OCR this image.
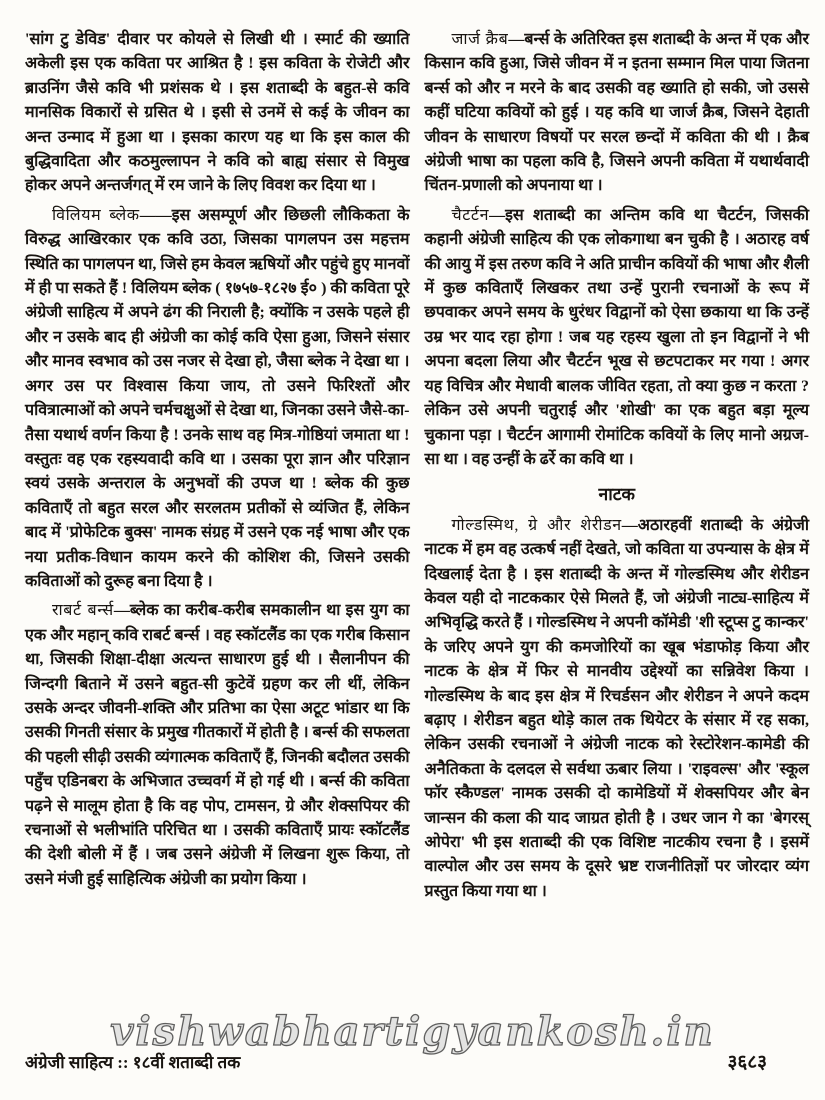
'सांग टु डेविड' दीवार पर कोयले से लिखी थी । स्मार्ट की ख्याति अकेली इस एक कविता पर आश्रित है ! इस कविता के रोजेटी और ब्राउनिंग जैसे कवि भी प्रशंसक थे । इस शताब्दी के बहुत-से कवि मानसिक विकारों से ग्रसित थे । इसी से उनमें से कई के जीवन का अन्त उन्माद में हुआ था । इसका कारण यह था कि इस काल की बुद्धिवादिता और कठमुल्लापन ने कवि को बाह्य संसार से विमुख होकर अपने अन्तर्जगत् में रम जाने के लिए विवश कर दिया था ।

विलियम ब्लेक——इस असम्पूर्ण और छिछली लौकिकता के विरुद्ध आखिरकार एक कवि उठा, जिसका पागलपन उस महत्तम स्थिति का पागलपन था, जिसे हम केवल ऋषियों और पहुंचे हुए मानवों में ही पा सकते हैं ! विलियम ब्लेक ( १७५७-१८२७ ई० ) की कविता पूरे अंग्रेजी साहित्य में अपने ढंग की निराली है; क्योंकि न उसके पहले ही और न उसके बाद ही अंग्रेजी का कोई कवि ऐसा हुआ, जिसने संसार और मानव स्वभाव को उस नजर से देखा हो, जैसा ब्लेक ने देखा था । अगर उस पर विश्वास किया जाय, तो उसने फिरिश्तों और पवित्रात्माओं को अपने चर्मचक्षुओं से देखा था, जिनका उसने जैसे-का-तैसा यथार्थ वर्णन किया है ! उनके साथ वह मित्र-गोष्ठियां जमाता था ! वस्तुतः वह एक रहस्यवादी कवि था । उसका पूरा ज्ञान और परिज्ञान स्वयं उसके अन्तराल के अनुभवों की उपज था ! ब्लेक की कुछ कविताएँ तो बहुत सरल और सरलतम प्रतीकों से व्यंजित हैं, लेकिन बाद में 'प्रोफेटिक बुक्स' नामक संग्रह में उसने एक नई भाषा और एक नया प्रतीक-विधान कायम करने की कोशिश की, जिसने उसकी कविताओं को दुरूह बना दिया है ।

राबर्ट बर्न्स—ब्लेक का करीब-करीब समकालीन था इस युग का एक और महान् कवि राबर्ट बर्न्स । वह स्कॉटलैंड का एक गरीब किसान था, जिसकी शिक्षा-दीक्षा अत्यन्त साधारण हुई थी । सैलानीपन की जिन्दगी बिताने में उसने बहुत-सी कुटेवें ग्रहण कर ली थीं, लेकिन उसके अन्दर जीवनी-शक्ति और प्रतिभा का ऐसा अटूट भांडार था कि उसकी गिनती संसार के प्रमुख गीतकारों में होती है । बर्न्स की सफलता की पहली सीढ़ी उसकी व्यंगात्मक कविताएँ हैं, जिनकी बदौलत उसकी पहुँच एडिनबरा के अभिजात उच्चवर्ग में हो गई थी । बर्न्स की कविता पढ़ने से मालूम होता है कि वह पोप, टामसन, ग्रे और शेक्सपियर की रचनाओं से भलीभांति परिचित था । उसकी कविताएँ प्रायः स्कॉटलैंड की देशी बोली में हैं । जब उसने अंग्रेजी में लिखना शुरू किया, तो उसने मंजी हुई साहित्यिक अंग्रेजी का प्रयोग किया ।

जार्ज क्रैब—बर्न्स के अतिरिक्त इस शताब्दी के अन्त में एक और किसान कवि हुआ, जिसे जीवन में न इतना सम्मान मिल पाया जितना बर्न्स को और न मरने के बाद उसकी वह ख्याति हो सकी, जो उससे कहीं घटिया कवियों को हुई । यह कवि था जार्ज क्रैब, जिसने देहाती जीवन के साधारण विषयों पर सरल छन्दों में कविता की थी । क्रैब अंग्रेजी भाषा का पहला कवि है, जिसने अपनी कविता में यथार्थवादी चिंतन-प्रणाली को अपनाया था ।

चैटर्टन—इस शताब्दी का अन्तिम कवि था चैटर्टन, जिसकी कहानी अंग्रेजी साहित्य की एक लोकगाथा बन चुकी है । अठारह वर्ष की आयु में इस तरुण कवि ने अति प्राचीन कवियों की भाषा और शैली में कुछ कविताएँ लिखकर तथा उन्हें पुरानी रचनाओं के रूप में छपवाकर अपने समय के धुरंधर विद्वानों को ऐसा छकाया था कि उन्हें उम्र भर याद रहा होगा ! जब यह रहस्य खुला तो इन विद्वानों ने भी अपना बदला लिया और चैटर्टन भूख से छटपटाकर मर गया ! अगर यह विचित्र और मेधावी बालक जीवित रहता, तो क्या कुछ न करता ? लेकिन उसे अपनी चतुराई और 'शोखी' का एक बहुत बड़ा मूल्य चुकाना पड़ा । चैटर्टन आगामी रोमांटिक कवियों के लिए मानो अग्रज-सा था । वह उन्हीं के ढर्रे का कवि था ।

नाटक

गोल्डस्मिथ, ग्रे और शेरीडन—अठारहवीं शताब्दी के अंग्रेजी नाटक में हम वह उत्कर्ष नहीं देखते, जो कविता या उपन्यास के क्षेत्र में दिखलाई देता है । इस शताब्दी के अन्त में गोल्डस्मिथ और शेरीडन केवल यही दो नाटककार ऐसे मिलते हैं, जो अंग्रेजी नाट्य-साहित्य में अभिवृद्धि करते हैं । गोल्डस्मिथ ने अपनी कॉमेडी 'शी स्टूप्स टु कान्कर' के जरिए अपने युग की कमजोरियों का खूब भंडाफोड़ किया और नाटक के क्षेत्र में फिर से मानवीय उद्देश्यों का सन्निवेश किया । गोल्डस्मिथ के बाद इस क्षेत्र में रिचर्डसन और शेरीडन ने अपने कदम बढ़ाए । शेरीडन बहुत थोड़े काल तक थियेटर के संसार में रह सका, लेकिन उसकी रचनाओं ने अंग्रेजी नाटक को रेस्टोरेशन-कामेडी की अनैतिकता के दलदल से सर्वथा ऊबार लिया । 'राइवल्स' और 'स्कूल फॉर स्कैण्डल' नामक उसकी दो कामेडियों में शेक्सपियर और बेन जान्सन की कला की याद जाग्रत होती है । उधर जान गे का 'बेगरस् ओपेरा' भी इस शताब्दी की एक विशिष्ट नाटकीय रचना है । इसमें वाल्पोल और उस समय के दूसरे भ्रष्ट राजनीतिज्ञों पर जोरदार व्यंग प्रस्तुत किया गया था ।

vishwabhartigyankosh.in
अंग्रेजी साहित्य :: १८वीं शताब्दी तक	३६८३
